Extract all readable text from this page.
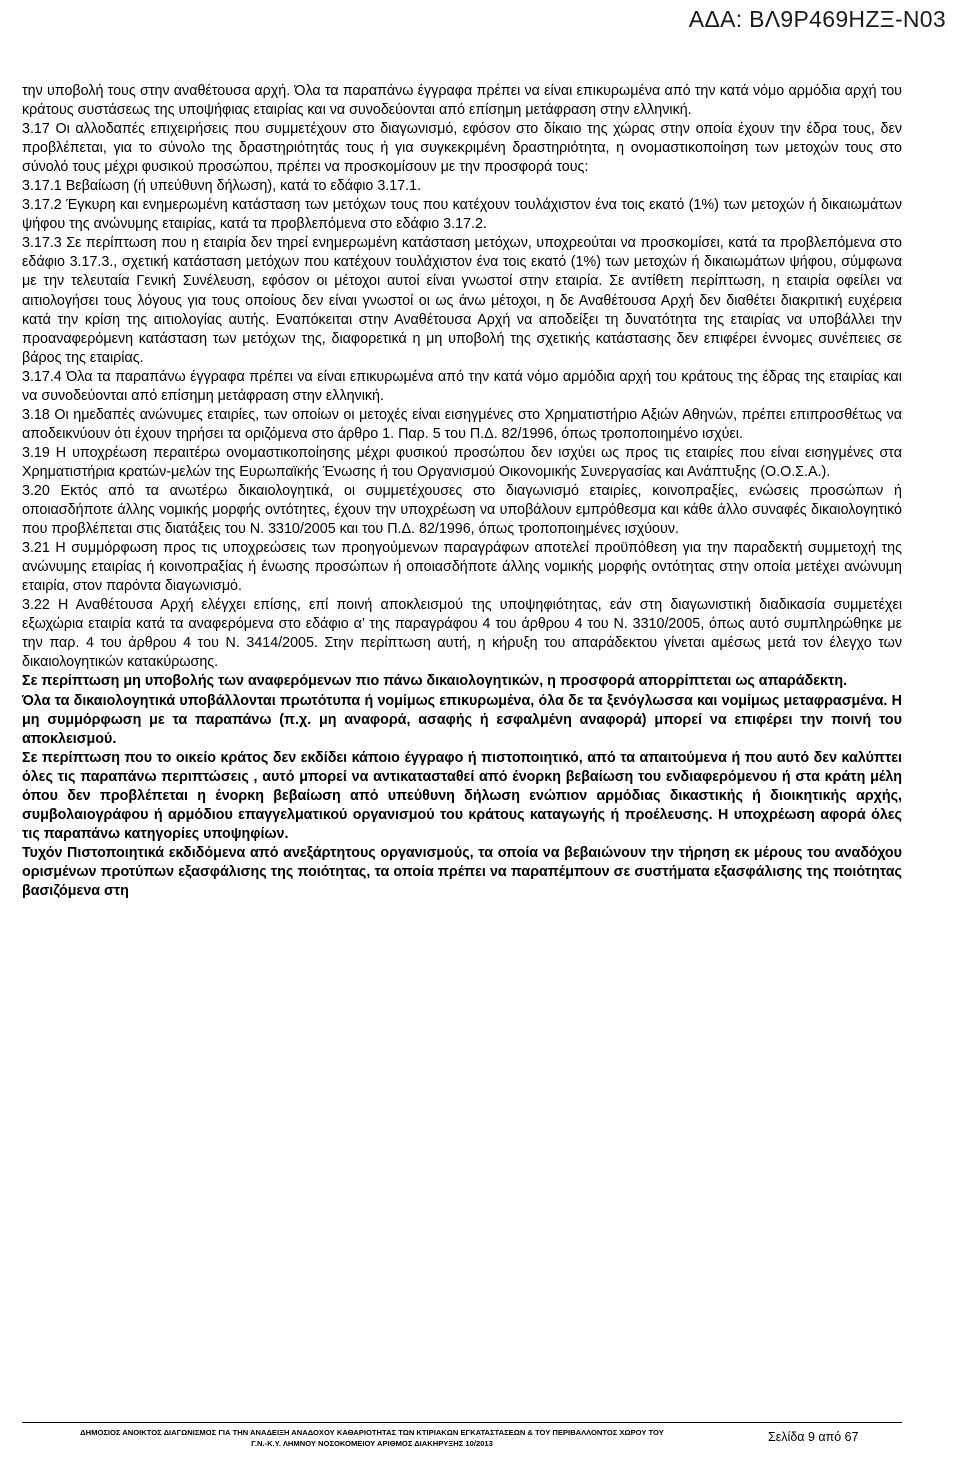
ΑΔΑ: ΒΛ9Ρ469ΗΖΞ-Ν03

την υποβολή τους στην αναθέτουσα αρχή. Όλα τα παραπάνω έγγραφα πρέπει να είναι επικυρωμένα από την κατά νόμο αρμόδια αρχή του κράτους συστάσεως της υποψήφιας εταιρίας και να συνοδεύονται από επίσημη μετάφραση στην ελληνική.

3.17 Οι αλλοδαπές επιχειρήσεις που συμμετέχουν στο διαγωνισμό, εφόσον στο δίκαιο της χώρας στην οποία έχουν την έδρα τους, δεν προβλέπεται, για το σύνολο της δραστηριότητάς τους ή για συγκεκριμένη δραστηριότητα, η ονομαστικοποίηση των μετοχών τους στο σύνολό τους μέχρι φυσικού προσώπου, πρέπει να προσκομίσουν με την προσφορά τους:

3.17.1 Βεβαίωση (ή υπεύθυνη δήλωση), κατά το εδάφιο 3.17.1.

3.17.2 Έγκυρη και ενημερωμένη κατάσταση των μετόχων τους που κατέχουν τουλάχιστον ένα τοις εκατό (1%) των μετοχών ή δικαιωμάτων ψήφου της ανώνυμης εταιρίας, κατά τα προβλεπόμενα στο εδάφιο 3.17.2.

3.17.3 Σε περίπτωση που η εταιρία δεν τηρεί ενημερωμένη κατάσταση μετόχων, υποχρεούται να προσκομίσει, κατά τα προβλεπόμενα στο εδάφιο 3.17.3., σχετική κατάσταση μετόχων που κατέχουν τουλάχιστον ένα τοις εκατό (1%) των μετοχών ή δικαιωμάτων ψήφου, σύμφωνα με την τελευταία Γενική Συνέλευση, εφόσον οι μέτοχοι αυτοί είναι γνωστοί στην εταιρία. Σε αντίθετη περίπτωση, η εταιρία οφείλει να αιτιολογήσει τους λόγους για τους οποίους δεν είναι γνωστοί οι ως άνω μέτοχοι, η δε Αναθέτουσα Αρχή δεν διαθέτει διακριτική ευχέρεια κατά την κρίση της αιτιολογίας αυτής. Εναπόκειται στην Αναθέτουσα Αρχή να αποδείξει τη δυνατότητα της εταιρίας να υποβάλλει την προαναφερόμενη κατάσταση των μετόχων της, διαφορετικά η μη υποβολή της σχετικής κατάστασης δεν επιφέρει έννομες συνέπειες σε βάρος της εταιρίας.

3.17.4 Όλα τα παραπάνω έγγραφα πρέπει να είναι επικυρωμένα από την κατά νόμο αρμόδια αρχή του κράτους της έδρας της εταιρίας και να συνοδεύονται από επίσημη μετάφραση στην ελληνική.

3.18 Οι ημεδαπές ανώνυμες εταιρίες, των οποίων οι μετοχές είναι εισηγμένες στο Χρηματιστήριο Αξιών Αθηνών, πρέπει επιπροσθέτως να αποδεικνύουν ότι έχουν τηρήσει τα οριζόμενα στο άρθρο 1. Παρ. 5 του Π.Δ. 82/1996, όπως τροποποιημένο ισχύει.

3.19 Η υποχρέωση περαιτέρω ονομαστικοποίησης μέχρι φυσικού προσώπου δεν ισχύει ως προς τις εταιρίες που είναι εισηγμένες στα Χρηματιστήρια κρατών-μελών της Ευρωπαϊκής Ένωσης ή του Οργανισμού Οικονομικής Συνεργασίας και Ανάπτυξης (Ο.Ο.Σ.Α.).

3.20 Εκτός από τα ανωτέρω δικαιολογητικά, οι συμμετέχουσες στο διαγωνισμό εταιρίες, κοινοπραξίες, ενώσεις προσώπων ή οποιασδήποτε άλλης νομικής μορφής οντότητες, έχουν την υποχρέωση να υποβάλουν εμπρόθεσμα και κάθε άλλο συναφές δικαιολογητικό που προβλέπεται στις διατάξεις του Ν. 3310/2005 και του Π.Δ. 82/1996, όπως τροποποιημένες ισχύουν.

3.21 Η συμμόρφωση προς τις υποχρεώσεις των προηγούμενων παραγράφων αποτελεί προϋπόθεση για την παραδεκτή συμμετοχή της ανώνυμης εταιρίας ή κοινοπραξίας ή ένωσης προσώπων ή οποιασδήποτε άλλης νομικής μορφής οντότητας στην οποία μετέχει ανώνυμη εταιρία, στον παρόντα διαγωνισμό.

3.22 Η Αναθέτουσα Αρχή ελέγχει επίσης, επί ποινή αποκλεισμού της υποψηφιότητας, εάν στη διαγωνιστική διαδικασία συμμετέχει εξωχώρια εταιρία κατά τα αναφερόμενα στο εδάφιο α’ της παραγράφου 4 του άρθρου 4 του Ν. 3310/2005, όπως αυτό συμπληρώθηκε με την παρ. 4 του άρθρου 4 του Ν. 3414/2005. Στην περίπτωση αυτή, η κήρυξη του απαράδεκτου γίνεται αμέσως μετά τον έλεγχο των δικαιολογητικών κατακύρωσης.

Σε περίπτωση μη υποβολής των αναφερόμενων πιο πάνω δικαιολογητικών, η προσφορά απορρίπτεται ως απαράδεκτη.

Όλα τα δικαιολογητικά υποβάλλονται πρωτότυπα ή νομίμως επικυρωμένα, όλα δε τα ξενόγλωσσα και νομίμως μεταφρασμένα. Η μη συμμόρφωση με τα παραπάνω (π.χ. μη αναφορά, ασαφής ή εσφαλμένη αναφορά) μπορεί να επιφέρει την ποινή του αποκλεισμού.

Σε περίπτωση που το οικείο κράτος δεν εκδίδει κάποιο έγγραφο ή πιστοποιητικό, από τα απαιτούμενα ή που αυτό δεν καλύπτει όλες τις παραπάνω περιπτώσεις , αυτό μπορεί να αντικατασταθεί από ένορκη βεβαίωση του ενδιαφερόμενου ή στα κράτη μέλη όπου δεν προβλέπεται η ένορκη βεβαίωση από υπεύθυνη δήλωση ενώπιον αρμόδιας δικαστικής ή διοικητικής αρχής, συμβολαιογράφου ή αρμόδιου επαγγελματικού οργανισμού του κράτους καταγωγής ή προέλευσης. Η υποχρέωση αφορά όλες τις παραπάνω κατηγορίες υποψηφίων.

Τυχόν Πιστοποιητικά εκδιδόμενα από ανεξάρτητους οργανισμούς, τα οποία να βεβαιώνουν την τήρηση εκ μέρους του αναδόχου ορισμένων προτύπων εξασφάλισης της ποιότητας, τα οποία πρέπει να παραπέμπουν σε συστήματα εξασφάλισης της ποιότητας βασιζόμενα στη

ΔΗΜΟΣΙΟΣ ΑΝΟΙΚΤΟΣ ΔΙΑΓΩΝΙΣΜΟΣ ΓΙΑ ΤΗΝ ΑΝΑΔΕΙΞΗ ΑΝΑΔΟΧΟΥ ΚΑΘΑΡΙΟΤΗΤΑΣ ΤΩΝ ΚΤΙΡΙΑΚΩΝ ΕΓΚΑΤΑΣΤΑΣΕΩΝ & ΤΟΥ ΠΕΡΙΒΑΛΛΟΝΤΟΣ ΧΩΡΟΥ ΤΟΥ
Γ.Ν.-Κ.Υ. ΛΗΜΝΟΥ ΝΟΣΟΚΟΜΕΙΟΥ ΑΡΙΘΜΟΣ ΔΙΑΚΗΡΥΞΗΣ 10/2013	Σελίδα 9 από 67
